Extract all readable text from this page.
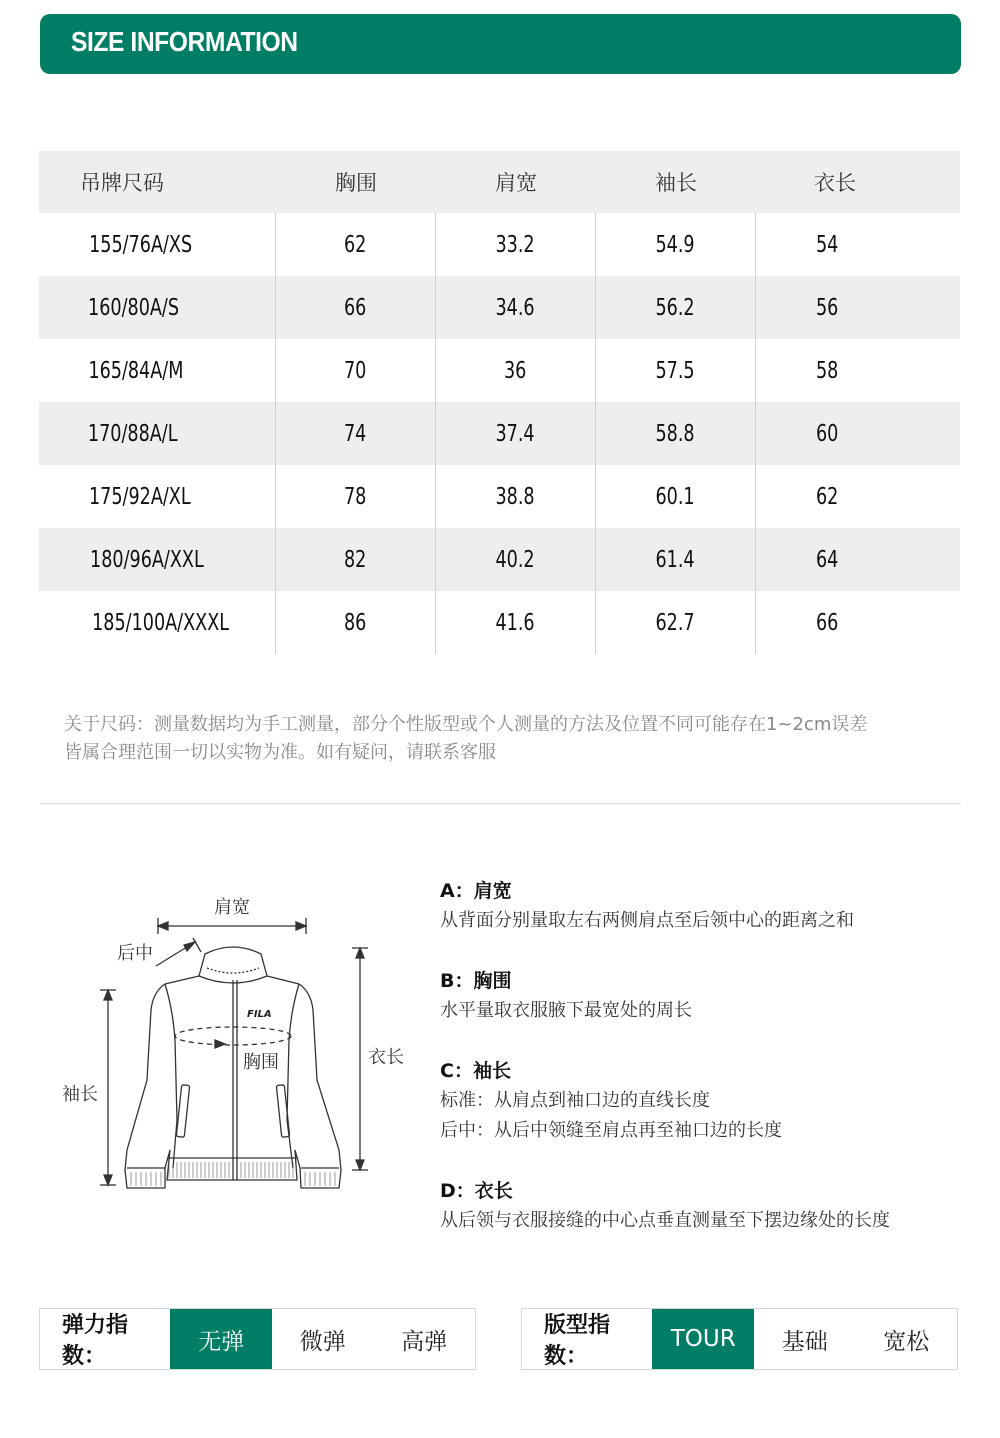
SIZE INFORMATION
吊牌尺码	胸围	肩宽	袖长	衣长
155/76A/XS	62	33.2	54.9	54
160/80A/S	66	34.6	56.2	56
165/84A/M	70	36	57.5	58
170/88A/L	74	37.4	58.8	60
175/92A/XL	78	38.8	60.1	62
180/96A/XXL	82	40.2	61.4	64
185/100A/XXXL	86	41.6	62.7	66
关于尺码：测量数据均为手工测量，部分个性版型或个人测量的方法及位置不同可能存在1~2cm误差
皆属合理范围一切以实物为准。如有疑问，请联系客服
肩宽
后中
胸围
袖长
衣长
FILA
A：肩宽
从背面分别量取左右两侧肩点至后领中心的距离之和
B：胸围
水平量取衣服腋下最宽处的周长
C：袖长
标准：从肩点到袖口边的直线长度
后中：从后中领缝至肩点再至袖口边的长度
D：衣长
从后领与衣服接缝的中心点垂直测量至下摆边缘处的长度
弹力指数：
无弹	微弹	高弹
版型指数：
TOUR	基础	宽松
